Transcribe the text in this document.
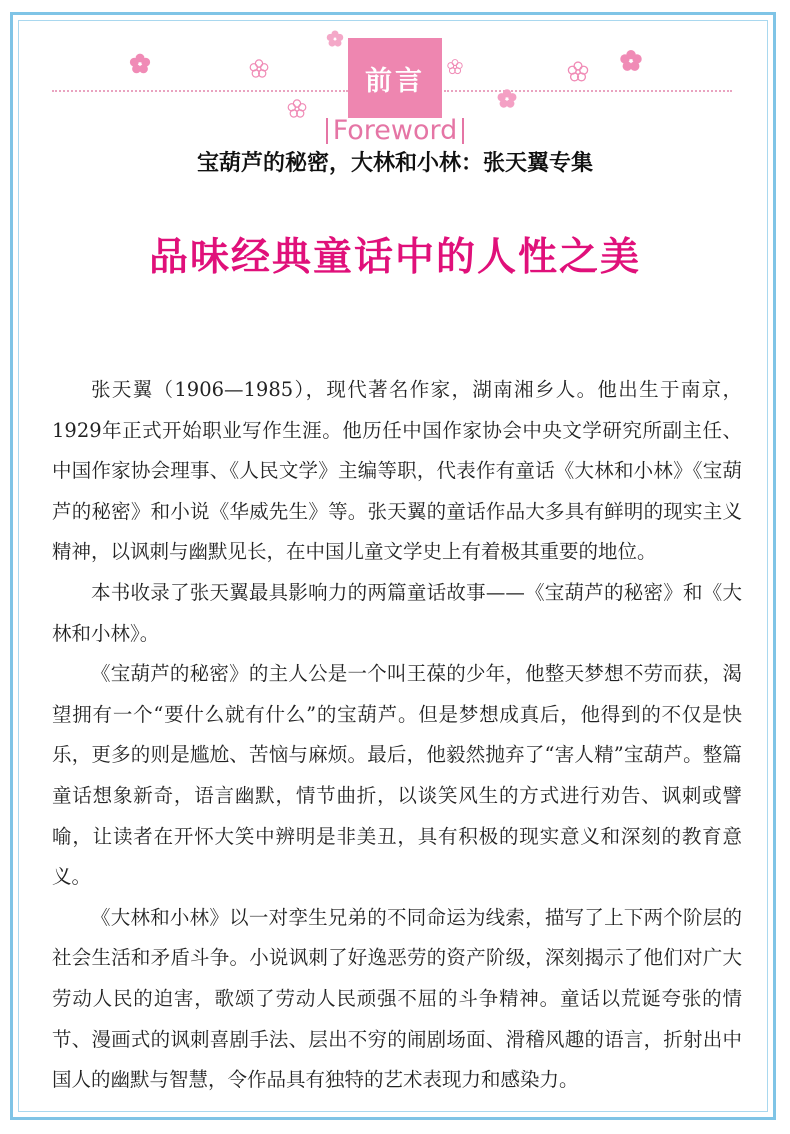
前言
Foreword
宝葫芦的秘密，大林和小林：张天翼专集
品味经典童话中的人性之美

张天翼（1906—1985），现代著名作家，湖南湘乡人。他出生于南京，1929年正式开始职业写作生涯。他历任中国作家协会中央文学研究所副主任、中国作家协会理事、《人民文学》主编等职，代表作有童话《大林和小林》《宝葫芦的秘密》和小说《华威先生》等。张天翼的童话作品大多具有鲜明的现实主义精神，以讽刺与幽默见长，在中国儿童文学史上有着极其重要的地位。

本书收录了张天翼最具影响力的两篇童话故事——《宝葫芦的秘密》和《大林和小林》。

《宝葫芦的秘密》的主人公是一个叫王葆的少年，他整天梦想不劳而获，渴望拥有一个“要什么就有什么”的宝葫芦。但是梦想成真后，他得到的不仅是快乐，更多的则是尴尬、苦恼与麻烦。最后，他毅然抛弃了“害人精”宝葫芦。整篇童话想象新奇，语言幽默，情节曲折，以谈笑风生的方式进行劝告、讽刺或譬喻，让读者在开怀大笑中辨明是非美丑，具有积极的现实意义和深刻的教育意义。

《大林和小林》以一对孪生兄弟的不同命运为线索，描写了上下两个阶层的社会生活和矛盾斗争。小说讽刺了好逸恶劳的资产阶级，深刻揭示了他们对广大劳动人民的迫害，歌颂了劳动人民顽强不屈的斗争精神。童话以荒诞夸张的情节、漫画式的讽刺喜剧手法、层出不穷的闹剧场面、滑稽风趣的语言，折射出中国人的幽默与智慧，令作品具有独特的艺术表现力和感染力。
